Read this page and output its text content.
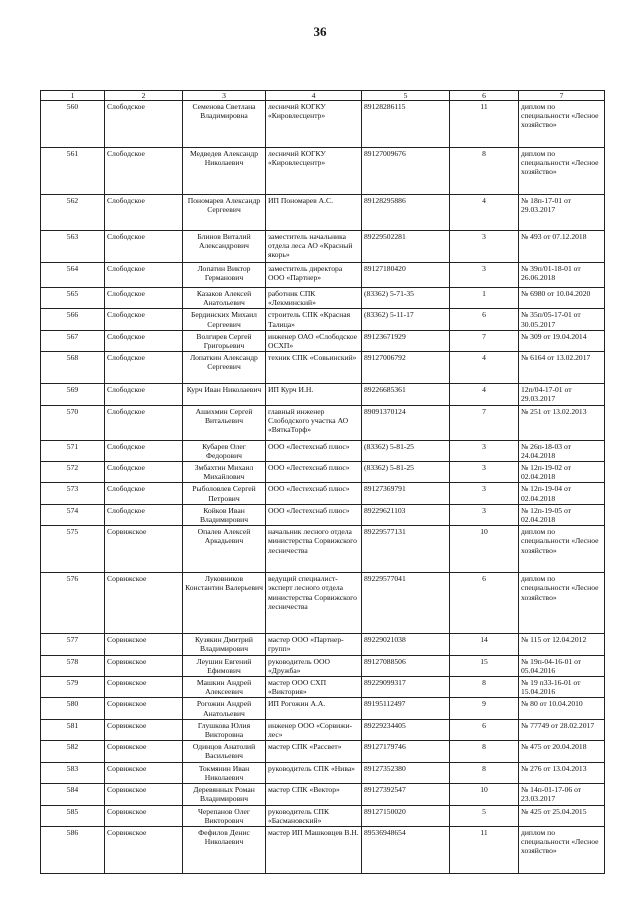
36
1	2	3	4	5	6	7
560	Слободское	Семенова Светлана Владимировна	лесничий КОГКУ «Кировлесцентр»	89128286115	11	диплом по специальности «Лесное хозяйство»
561	Слободское	Медведев Александр Николаевич	лесничий КОГКУ «Кировлесцентр»	89127009676	8	диплом по специальности «Лесное хозяйство»
562	Слободское	Пономарев Александр Сергеевич	ИП Пономарев А.С.	89128295886	4	№ 18п-17-01 от 29.03.2017
563	Слободское	Блинов Виталий Александрович	заместитель начальника отдела леса АО «Красный якорь»	89229502281	3	№ 493 от 07.12.2018
564	Слободское	Лопатин Виктор Германович	заместитель директора ООО «Партнер»	89127180420	3	№ 39п/01-18-01 от 26.06.2018
565	Слободское	Казаков Алексей Анатольевич	работник СПК «Лекминский»	(83362) 5-71-35	1	№ 6980 от 10.04.2020
566	Слободское	Бердинских Михаил Сергеевич	строитель СПК «Красная Талица»	(83362) 5-11-17	6	№ 35п/05-17-01 от 30.05.2017
567	Слободское	Волгирев Сергей Григорьевич	инженер ОАО «Слободское ОСХП»	89123671929	7	№ 309 от 19.04.2014
568	Слободское	Лопаткин Александр Сергеевич	техник СПК «Совьинский»	89127006792	4	№ 6164 от 13.02.2017
569	Слободское	Курч Иван Николаевич	ИП Курч И.Н.	89226685361	4	12п/04-17-01 от 29.03.2017
570	Слободское	Ашихмин Сергей Витальевич	главный инженер Слободского участка АО «ВяткаТорф»	89091370124	7	№ 251 от 13.02.2013
571	Слободское	Кубарев Олег Федорович	ООО «Лестехснаб плюс»	(83362) 5-81-25	3	№ 26п-18-03 от 24.04.2018
572	Слободское	Змбахтин Михаил Михайлович	ООО «Лестехснаб плюс»	(83362) 5-81-25	3	№ 12п-19-02 от 02.04.2018
573	Слободское	Рыболовлев Сергей Петрович	ООО «Лестехснаб плюс»	89127369791	3	№ 12п-19-04 от 02.04.2018
574	Слободское	Койков Иван Владимирович	ООО «Лестехснаб плюс»	89229621103	3	№ 12п-19-05 от 02.04.2018
575	Сорвижское	Опалев Алексей Аркадьевич	начальник лесного отдела министерства Сорвижского лесничества	89229577131	10	диплом по специальности «Лесное хозяйство»
576	Сорвижское	Луковников Константин Валерьевич	ведущий специалист-эксперт лесного отдела министерства Сорвижского лесничества	89229577041	6	диплом по специальности «Лесное хозяйство»
577	Сорвижское	Кузякин Дмитрий Владимирович	мастер ООО «Партнер-групп»	89229021038	14	№ 115 от 12.04.2012
578	Сорвижское	Леушин Евгений Ефимович	руководитель ООО «Дружба»	89127088506	15	№ 19п-04-16-01 от 05.04.2016
579	Сорвижское	Машкин Андрей Алексеевич	мастер ООО СХП «Виктория»	89229099317	8	№ 19 п33-16-01 от 15.04.2016
580	Сорвижское	Рогожин Андрей Анатольевич	ИП Рогожин А.А.	89195112497	9	№ 80 от 10.04.2010
581	Сорвижское	Глушкова Юлия Викторовна	инженер ООО «Сорвижи-лес»	89229234405	6	№ 77749 от 28.02.2017
582	Сорвижское	Одинцов Анатолий Васильевич	мастер СПК «Рассвет»	89127179746	8	№ 475 от 20.04.2018
583	Сорвижское	Токмянин Иван Николаевич	руководитель СПК «Нива»	89127352380	8	№ 276 от 13.04.2013
584	Сорвижское	Деревянных Роман Владимирович	мастер СПК «Вектор»	89127392547	10	№ 14п-01-17-06 от 23.03.2017
585	Сорвижское	Черепанов Олег Викторович	руководитель СПК «Басмановский»	89127150020	5	№ 425 от 25.04.2015
586	Сорвижское	Фефилов Денис Николаевич	мастер ИП Машковцев В.Н.	89536948654	11	диплом по специальности «Лесное хозяйство»
